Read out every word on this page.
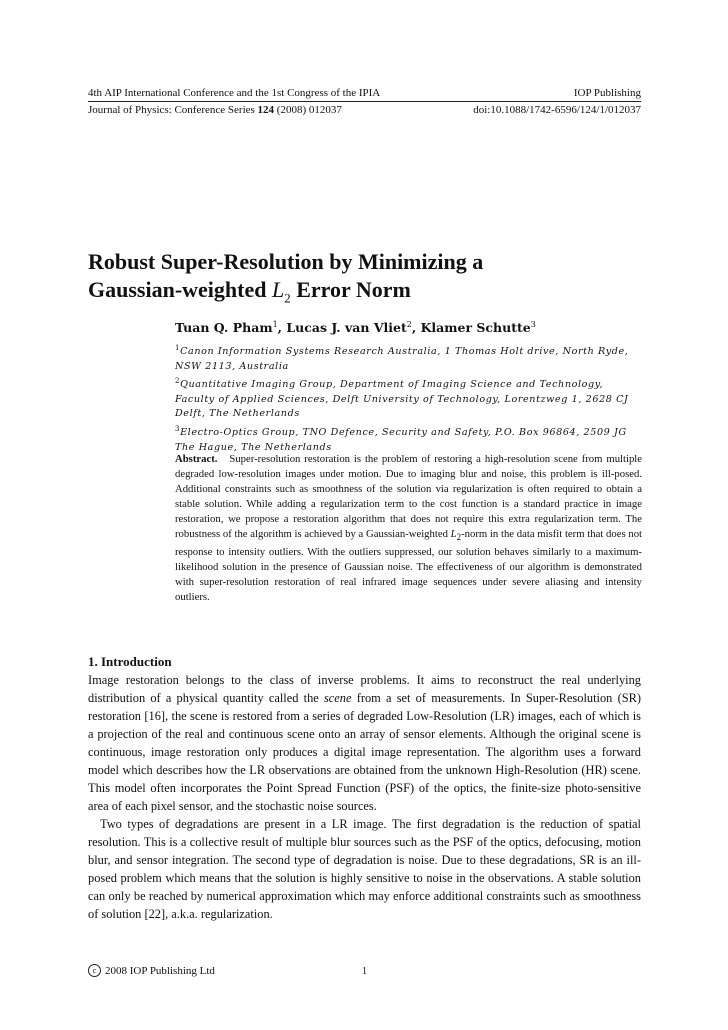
4th AIP International Conference and the 1st Congress of the IPIA	IOP Publishing
Journal of Physics: Conference Series 124 (2008) 012037	doi:10.1088/1742-6596/124/1/012037
Robust Super-Resolution by Minimizing a
Gaussian-weighted $L_2$ Error Norm
Tuan Q. Pham$^1$, Lucas J. van Vliet$^2$, Klamer Schutte$^3$

$^1$Canon Information Systems Research Australia, 1 Thomas Holt drive, North Ryde, NSW 2113, Australia

$^2$Quantitative Imaging Group, Department of Imaging Science and Technology, Faculty of Applied Sciences, Delft University of Technology, Lorentzweg 1, 2628 CJ Delft, The Netherlands

$^3$Electro-Optics Group, TNO Defence, Security and Safety, P.O. Box 96864, 2509 JG The Hague, The Netherlands

Abstract. Super-resolution restoration is the problem of restoring a high-resolution scene from multiple degraded low-resolution images under motion. Due to imaging blur and noise, this problem is ill-posed. Additional constraints such as smoothness of the solution via regularization is often required to obtain a stable solution. While adding a regularization term to the cost function is a standard practice in image restoration, we propose a restoration algorithm that does not require this extra regularization term. The robustness of the algorithm is achieved by a Gaussian-weighted $L_2$-norm in the data misfit term that does not response to intensity outliers. With the outliers suppressed, our solution behaves similarly to a maximum-likelihood solution in the presence of Gaussian noise. The effectiveness of our algorithm is demonstrated with super-resolution restoration of real infrared image sequences under severe aliasing and intensity outliers.
1. Introduction

Image restoration belongs to the class of inverse problems. It aims to reconstruct the real underlying distribution of a physical quantity called the scene from a set of measurements. In Super-Resolution (SR) restoration [16], the scene is restored from a series of degraded Low-Resolution (LR) images, each of which is a projection of the real and continuous scene onto an array of sensor elements. Although the original scene is continuous, image restoration only produces a digital image representation. The algorithm uses a forward model which describes how the LR observations are obtained from the unknown High-Resolution (HR) scene. This model often incorporates the Point Spread Function (PSF) of the optics, the finite-size photo-sensitive area of each pixel sensor, and the stochastic noise sources.

Two types of degradations are present in a LR image. The first degradation is the reduction of spatial resolution. This is a collective result of multiple blur sources such as the PSF of the optics, defocusing, motion blur, and sensor integration. The second type of degradation is noise. Due to these degradations, SR is an ill-posed problem which means that the solution is highly sensitive to noise in the observations. A stable solution can only be reached by numerical approximation which may enforce additional constraints such as smoothness of solution [22], a.k.a. regularization.

c 2008 IOP Publishing Ltd	1
